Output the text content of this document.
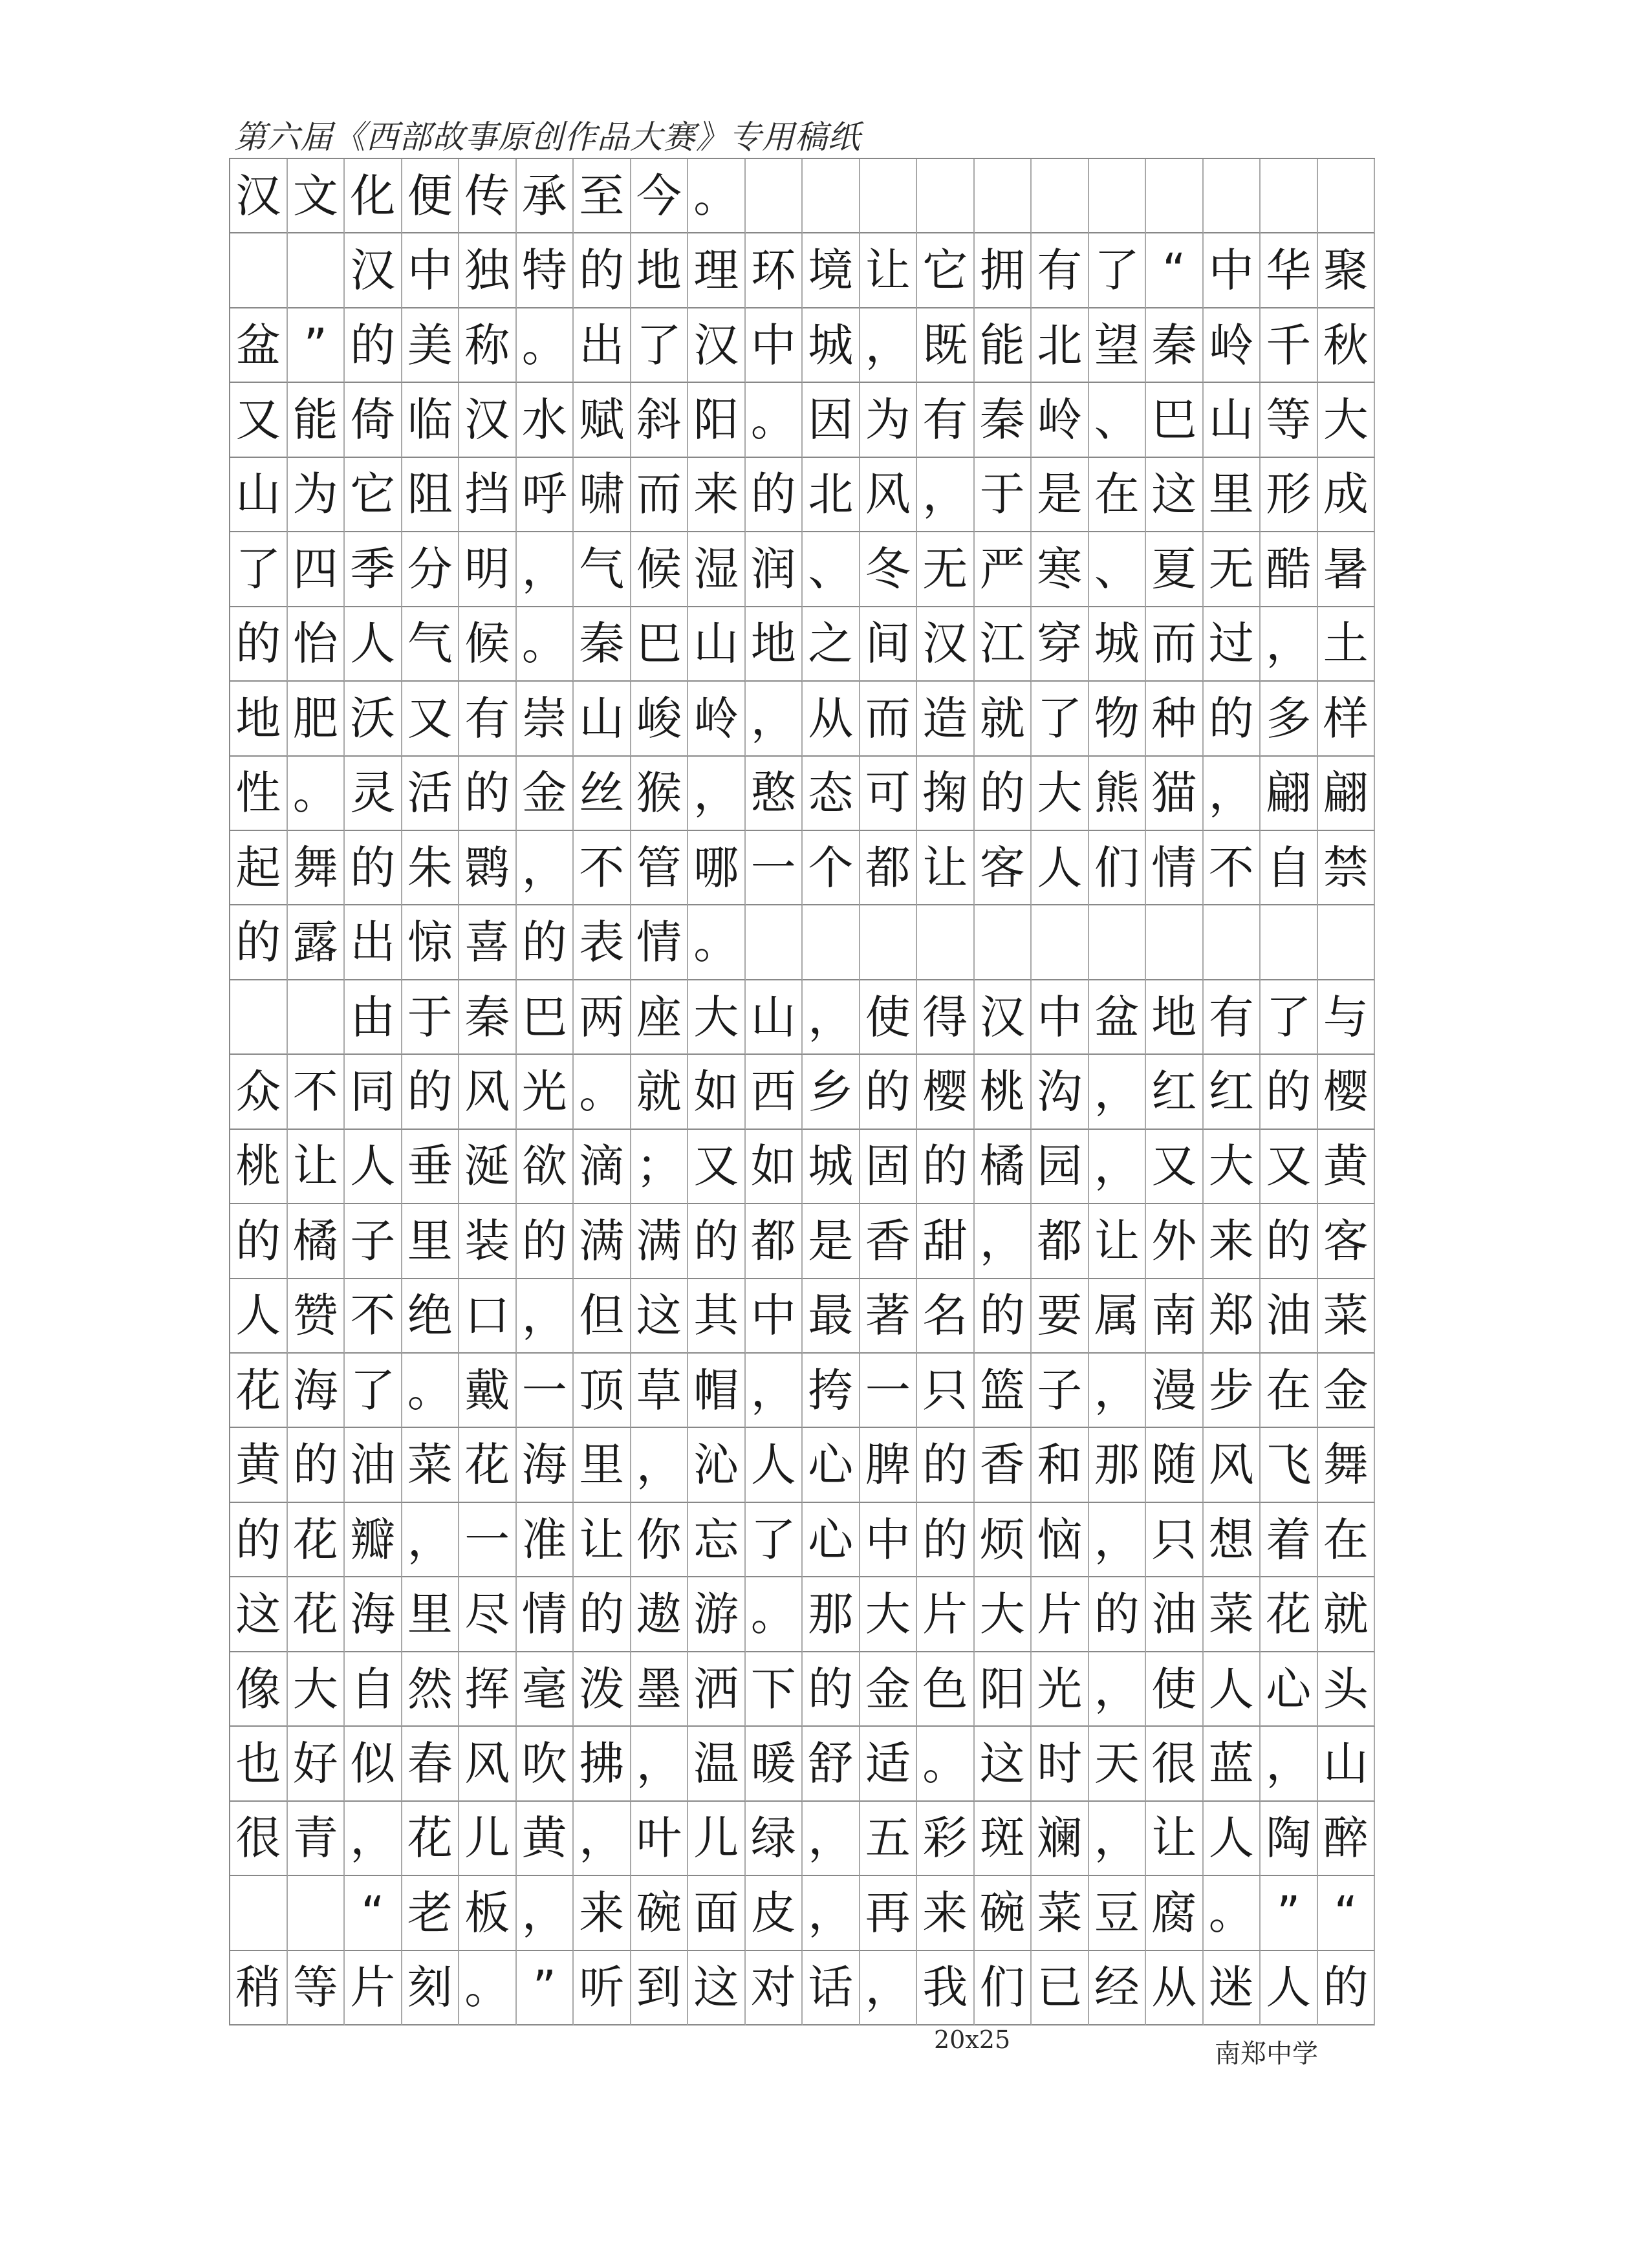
第六届《西部故事原创作品大赛》专用稿纸
汉 文 化 便 传 承 至 今 。

汉 中 独 特 的 地 理 环 境 让 它 拥 有 了 “ 中 华 聚
盆 ” 的 美 称 。 出 了 汉 中 城 ， 既 能 北 望 秦 岭 千 秋
又 能 倚 临 汉 水 赋 斜 阳 。 因 为 有 秦 岭 、 巴 山 等 大
山 为 它 阻 挡 呼 啸 而 来 的 北 风 ， 于 是 在 这 里 形 成
了 四 季 分 明 ， 气 候 湿 润 、 冬 无 严 寒 、 夏 无 酷 暑
的 怡 人 气 候 。 秦 巴 山 地 之 间 汉 江 穿 城 而 过 ， 土
地 肥 沃 又 有 崇 山 峻 岭 ， 从 而 造 就 了 物 种 的 多 样
性 。 灵 活 的 金 丝 猴 ， 憨 态 可 掬 的 大 熊 猫 ， 翩 翩
起 舞 的 朱 鹮 ， 不 管 哪 一 个 都 让 客 人 们 情 不 自 禁
的 露 出 惊 喜 的 表 情 。

由 于 秦 巴 两 座 大 山 ， 使 得 汉 中 盆 地 有 了 与
众 不 同 的 风 光 。 就 如 西 乡 的 樱 桃 沟 ， 红 红 的 樱
桃 让 人 垂 涎 欲 滴 ； 又 如 城 固 的 橘 园 ， 又 大 又 黄
的 橘 子 里 装 的 满 满 的 都 是 香 甜 ， 都 让 外 来 的 客
人 赞 不 绝 口 ， 但 这 其 中 最 著 名 的 要 属 南 郑 油 菜
花 海 了 。 戴 一 顶 草 帽 ， 挎 一 只 篮 子 ， 漫 步 在 金
黄 的 油 菜 花 海 里 ， 沁 人 心 脾 的 香 和 那 随 风 飞 舞
的 花 瓣 ， 一 准 让 你 忘 了 心 中 的 烦 恼 ， 只 想 着 在
这 花 海 里 尽 情 的 遨 游 。 那 大 片 大 片 的 油 菜 花 就
像 大 自 然 挥 毫 泼 墨 洒 下 的 金 色 阳 光 ， 使 人 心 头
也 好 似 春 风 吹 拂 ， 温 暖 舒 适 。 这 时 天 很 蓝 ， 山
很 青 ， 花 儿 黄 ， 叶 儿 绿 ， 五 彩 斑 斓 ， 让 人 陶 醉

“ 老 板 ， 来 碗 面 皮 ， 再 来 碗 菜 豆 腐 。 ” “
稍 等 片 刻 。 ” 听 到 这 对 话 ， 我 们 已 经 从 迷 人 的
20x25	南郑中学
